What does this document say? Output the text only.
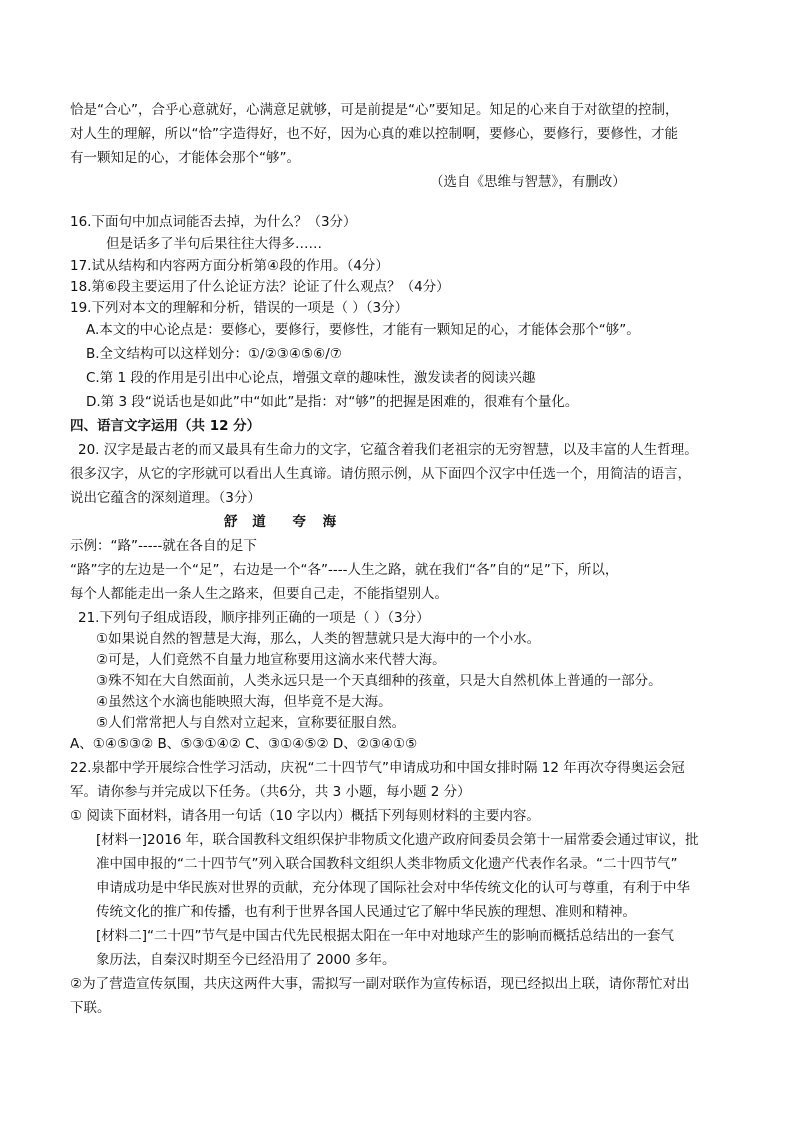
恰是“合心”，合乎心意就好，心满意足就够，可是前提是“心”要知足。知足的心来自于对欲望的控制，
对人生的理解，所以“恰”字造得好，也不好，因为心真的难以控制啊，要修心，要修行，要修性，才能
有一颗知足的心，才能体会那个“够”。
（选自《思维与智慧》，有删改）
16.下面句中加点词能否去掉，为什么？（3分）
但是话多了半句后果往往大得多……
17.试从结构和内容两方面分析第④段的作用。（4分）
18.第⑥段主要运用了什么论证方法？论证了什么观点？（4分）
19.下列对本文的理解和分析，错误的一项是（ ）（3分）
A.本文的中心论点是：要修心，要修行，要修性，才能有一颗知足的心，才能体会那个“够”。
B.全文结构可以这样划分：①/②③④⑤⑥/⑦
C.第 1 段的作用是引出中心论点，增强文章的趣味性，激发读者的阅读兴趣
D.第 3 段“说话也是如此”中“如此”是指：对“够”的把握是困难的，很难有个量化。
四、语言文字运用（共 12 分）
20. 汉字是最古老的而又最具有生命力的文字，它蕴含着我们老祖宗的无穷智慧，以及丰富的人生哲理。
很多汉字，从它的字形就可以看出人生真谛。请仿照示例，从下面四个汉字中任选一个，用简洁的语言，
说出它蕴含的深刻道理。（3分）
舒 道 夸 海
示例：“路”-----就在各自的足下
“路”字的左边是一个“足”，右边是一个“各”----人生之路，就在我们“各”自的“足”下，所以，
每个人都能走出一条人生之路来，但要自己走，不能指望别人。
21.下列句子组成语段，顺序排列正确的一项是（ ）（3分）
①如果说自然的智慧是大海，那么，人类的智慧就只是大海中的一个小水。
②可是，人们竟然不自量力地宣称要用这滴水来代替大海。
③殊不知在大自然面前，人类永远只是一个天真细种的孩童，只是大自然机体上普通的一部分。
④虽然这个水滴也能映照大海，但毕竟不是大海。
⑤人们常常把人与自然对立起来，宣称要征服自然。
A、①④⑤③② B、⑤③①④② C、③①④⑤② D、②③④①⑤
22.泉都中学开展综合性学习活动，庆祝“二十四节气”申请成功和中国女排时隔 12 年再次夺得奥运会冠
军。请你参与并完成以下任务。（共6分，共 3 小题，每小题 2 分）
① 阅读下面材料，请各用一句话（10 字以内）概括下列每则材料的主要内容。
[材料一]2016 年，联合国教科文组织保护非物质文化遗产政府间委员会第十一届常委会通过审议，批
准中国申报的“二十四节气”列入联合国教科文组织人类非物质文化遗产代表作名录。“二十四节气”
申请成功是中华民族对世界的贡献，充分体现了国际社会对中华传统文化的认可与尊重，有利于中华
传统文化的推广和传播，也有利于世界各国人民通过它了解中华民族的理想、准则和精神。
[材料二]“二十四”节气是中国古代先民根据太阳在一年中对地球产生的影响而概括总结出的一套气
象历法，自秦汉时期至今已经沿用了 2000 多年。
②为了营造宣传氛围，共庆这两件大事，需拟写一副对联作为宣传标语，现已经拟出上联，请你帮忙对出
下联。
